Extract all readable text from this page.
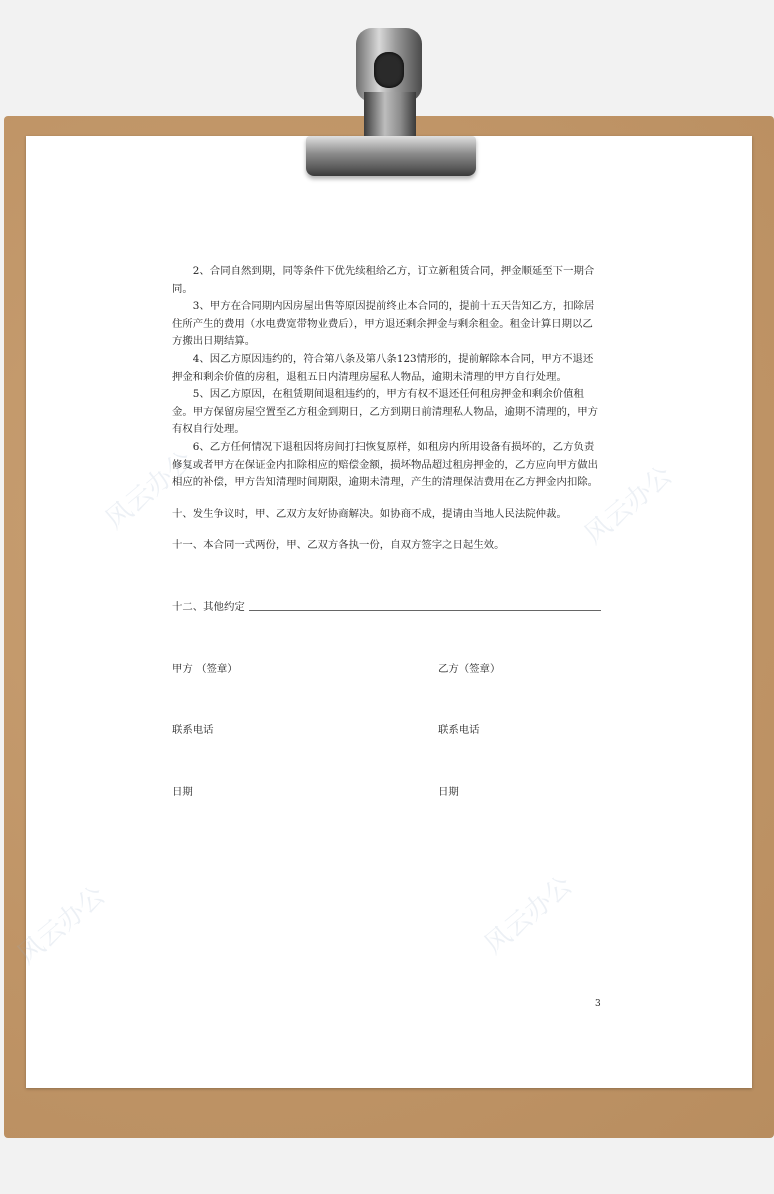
2、合同自然到期，同等条件下优先续租给乙方，订立新租赁合同，押金顺延至下一期合同。

3、甲方在合同期内因房屋出售等原因提前终止本合同的，提前十五天告知乙方，扣除居住所产生的费用（水电费宽带物业费后），甲方退还剩余押金与剩余租金。租金计算日期以乙方搬出日期结算。

4、因乙方原因违约的，符合第八条及第八条123情形的，提前解除本合同，甲方不退还押金和剩余价值的房租，退租五日内清理房屋私人物品，逾期未清理的甲方自行处理。

5、因乙方原因，在租赁期间退租违约的，甲方有权不退还任何租房押金和剩余价值租金。甲方保留房屋空置至乙方租金到期日，乙方到期日前清理私人物品，逾期不清理的，甲方有权自行处理。

6、乙方任何情况下退租因将房间打扫恢复原样，如租房内所用设备有损坏的，乙方负责修复或者甲方在保证金内扣除相应的赔偿金额，损坏物品超过租房押金的，乙方应向甲方做出相应的补偿，甲方告知清理时间期限，逾期未清理，产生的清理保洁费用在乙方押金内扣除。

十、发生争议时，甲、乙双方友好协商解决。如协商不成，提请由当地人民法院仲裁。

十一、本合同一式两份，甲、乙双方各执一份，自双方签字之日起生效。

十二、其他约定
甲方 （签章）	乙方（签章）
联系电话	联系电话
日期	日期
3
风云办公	风云办公
风云办公	风云办公
